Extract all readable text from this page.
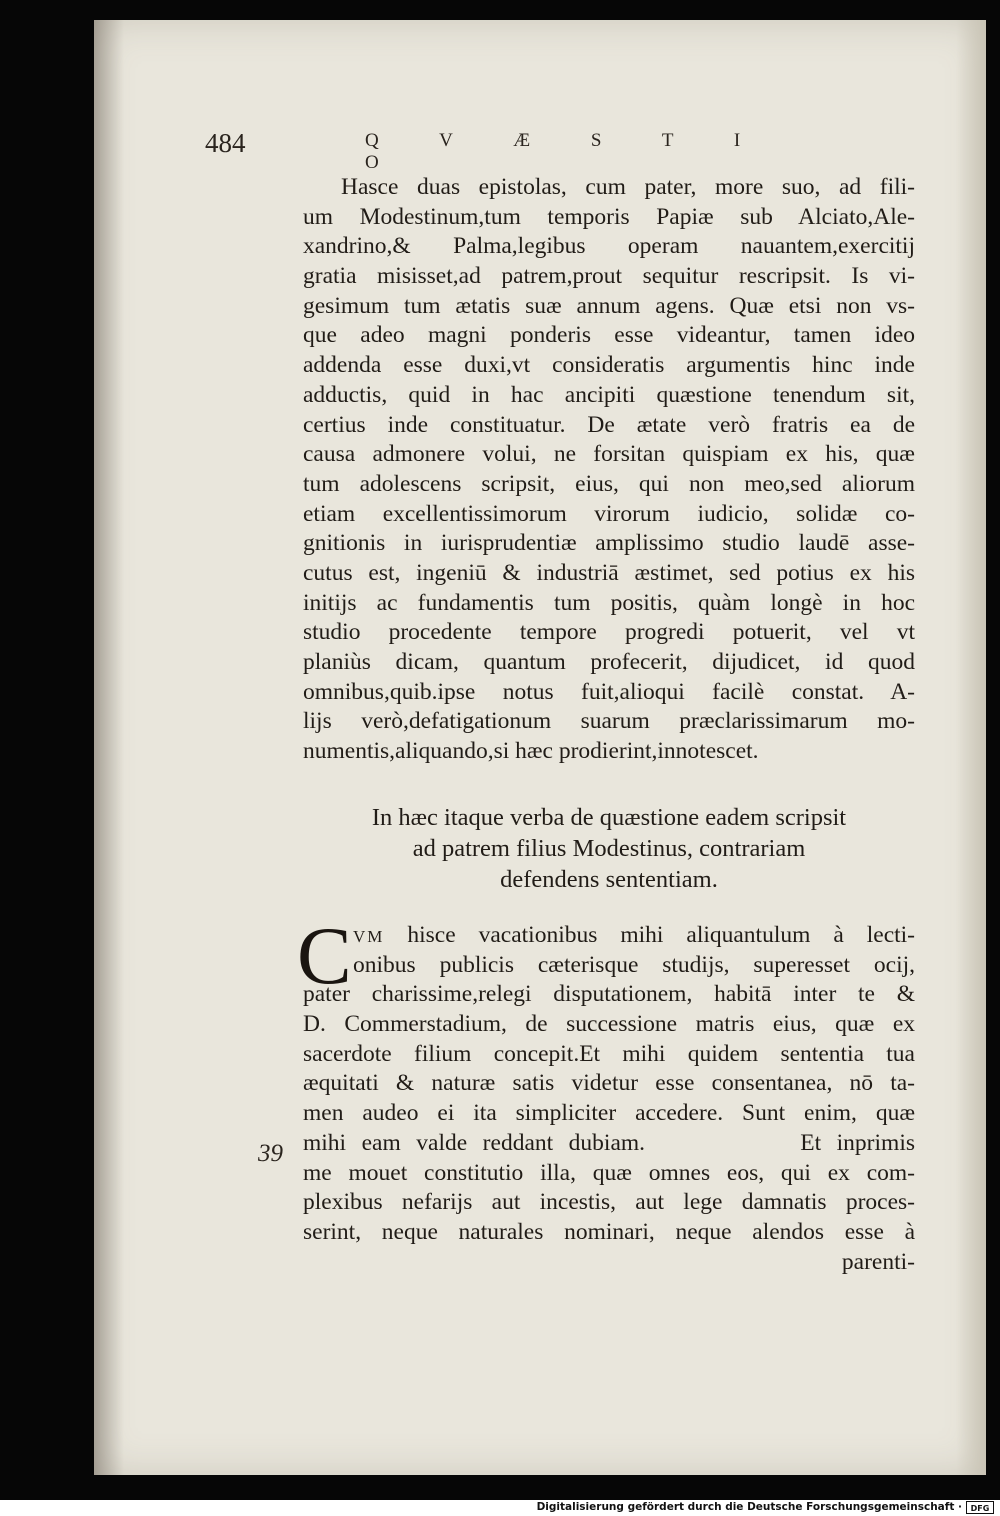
484	Q V Æ S T I O
Hasce duas epistolas, cum pater, more suo, ad fili-
um Modestinum,tum temporis Papiæ sub Alciato,Ale-
xandrino,& Palma,legibus operam nauantem,exercitij
gratia misisset,ad patrem,prout sequitur rescripsit. Is vi-
gesimum tum ætatis suæ annum agens. Quæ etsi non vs-
que adeo magni ponderis esse videantur, tamen ideo
addenda esse duxi,vt consideratis argumentis hinc inde
adductis, quid in hac ancipiti quæstione tenendum sit,
certius inde constituatur. De ætate verò fratris ea de
causa admonere volui, ne forsitan quispiam ex his, quæ
tum adolescens scripsit, eius, qui non meo,sed aliorum
etiam excellentissimorum virorum iudicio, solidæ co-
gnitionis in iurisprudentiæ amplissimo studio laudē asse-
cutus est, ingeniū & industriā æstimet, sed potius ex his
initijs ac fundamentis tum positis, quàm longè in hoc
studio procedente tempore progredi potuerit, vel vt
planiùs dicam, quantum profecerit, dijudicet, id quod
omnibus,quib.ipse notus fuit,alioqui facilè constat. A-
lijs verò,defatigationum suarum præclarissimarum mo-
numentis,aliquando,si hæc prodierint,innotescet.
In hæc itaque verba de quæstione eadem scripsit
ad patrem filius Modestinus, contrariam
defendens sententiam.
C VM hisce vacationibus mihi aliquantulum à lecti-
onibus publicis cæterisque studijs, superesset ocij,
pater charissime,relegi disputationem, habitā inter te &
D. Commerstadium, de successione matris eius, quæ ex
sacerdote filium concepit.Et mihi quidem sententia tua
æquitati & naturæ satis videtur esse consentanea, nō ta-
men audeo ei ita simpliciter accedere. Sunt enim, quæ
mihi eam valde reddant dubiam.          Et inprimis
me mouet constitutio illa, quæ omnes eos, qui ex com-
plexibus nefarijs aut incestis, aut lege damnatis proces-
serint, neque naturales nominari, neque alendos esse à
parenti-
39
Digitalisierung gefördert durch die Deutsche Forschungsgemeinschaft ·	DFG
